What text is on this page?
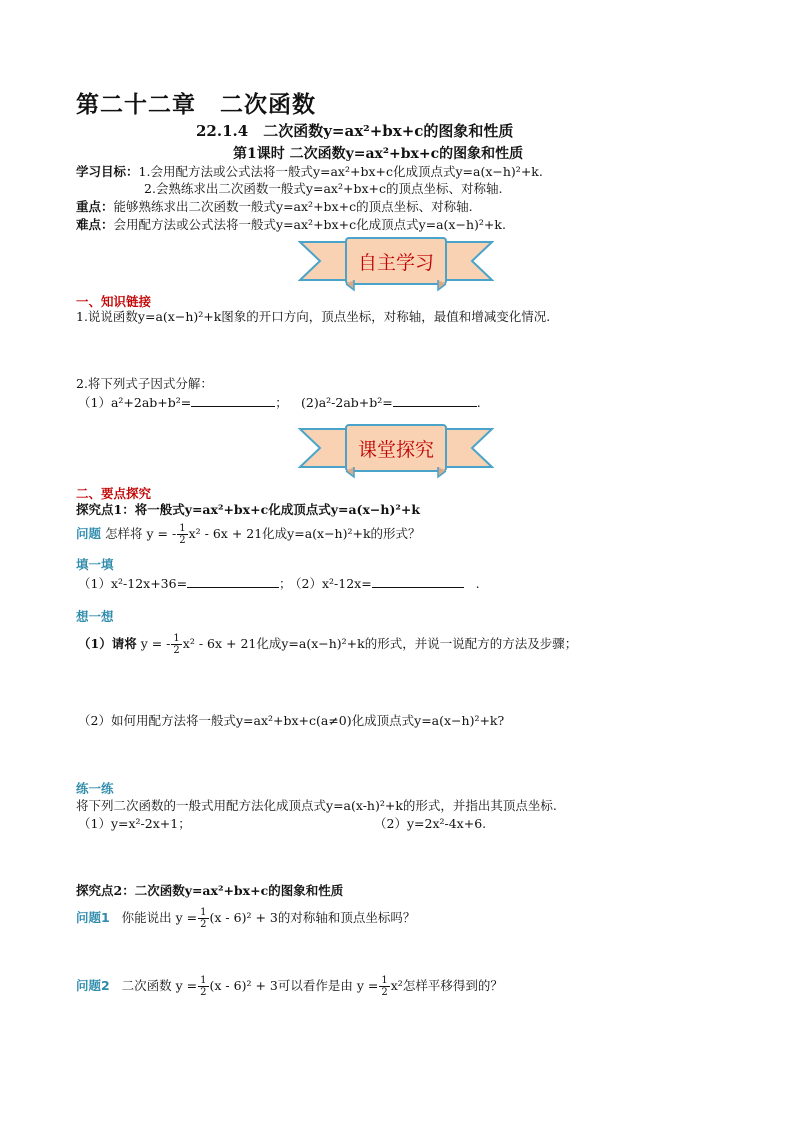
第二十二章　二次函数
22.1.4　二次函数y=ax²+bx+c的图象和性质
第1课时 二次函数y=ax²+bx+c的图象和性质
学习目标：1.会用配方法或公式法将一般式y=ax²+bx+c化成顶点式y=a(x−h)²+k.
2.会熟练求出二次函数一般式y=ax²+bx+c的顶点坐标、对称轴.
重点：能够熟练求出二次函数一般式y=ax²+bx+c的顶点坐标、对称轴.
难点：会用配方法或公式法将一般式y=ax²+bx+c化成顶点式y=a(x−h)²+k.
自主学习
一、知识链接
1.说说函数y=a(x−h)²+k图象的开口方向，顶点坐标，对称轴，最值和增减变化情况.
2.将下列式子因式分解：
（1）a²+2ab+b²=	； (2)a²-2ab+b²=	.
课堂探究
二、要点探究
探究点1：将一般式y=ax²+bx+c化成顶点式y=a(x−h)²+k
问题
怎样将 y = - $\frac{1}{2} x^2 - 6x + 21$ 化成y=a(x−h)²+k的形式？
填一填
（1）x²-12x+36=	；
（2）x²-12x=	.
想一想
（1）请将 y = - $\frac{1}{2} x^2 - 6x + 21$ 化成y=a(x−h)²+k的形式，并说一说配方的方法及步骤；
（2）如何用配方法将一般式y=ax²+bx+c(a≠0)化成顶点式y=a(x−h)²+k?
练一练
将下列二次函数的一般式用配方法化成顶点式y=a(x-h)²+k的形式，并指出其顶点坐标.
（1）y=x²-2x+1；	（2）y=2x²-4x+6.
探究点2：二次函数y=ax²+bx+c的图象和性质
问题1
你能说出 $y = \frac{1}{2} (x - 6)^2 + 3$ 的对称轴和顶点坐标吗？
问题2
二次函数 $y = \frac{1}{2} (x - 6)^2 + 3$ 可以看作是由 $y = \frac{1}{2} x^2$ 怎样平移得到的？
